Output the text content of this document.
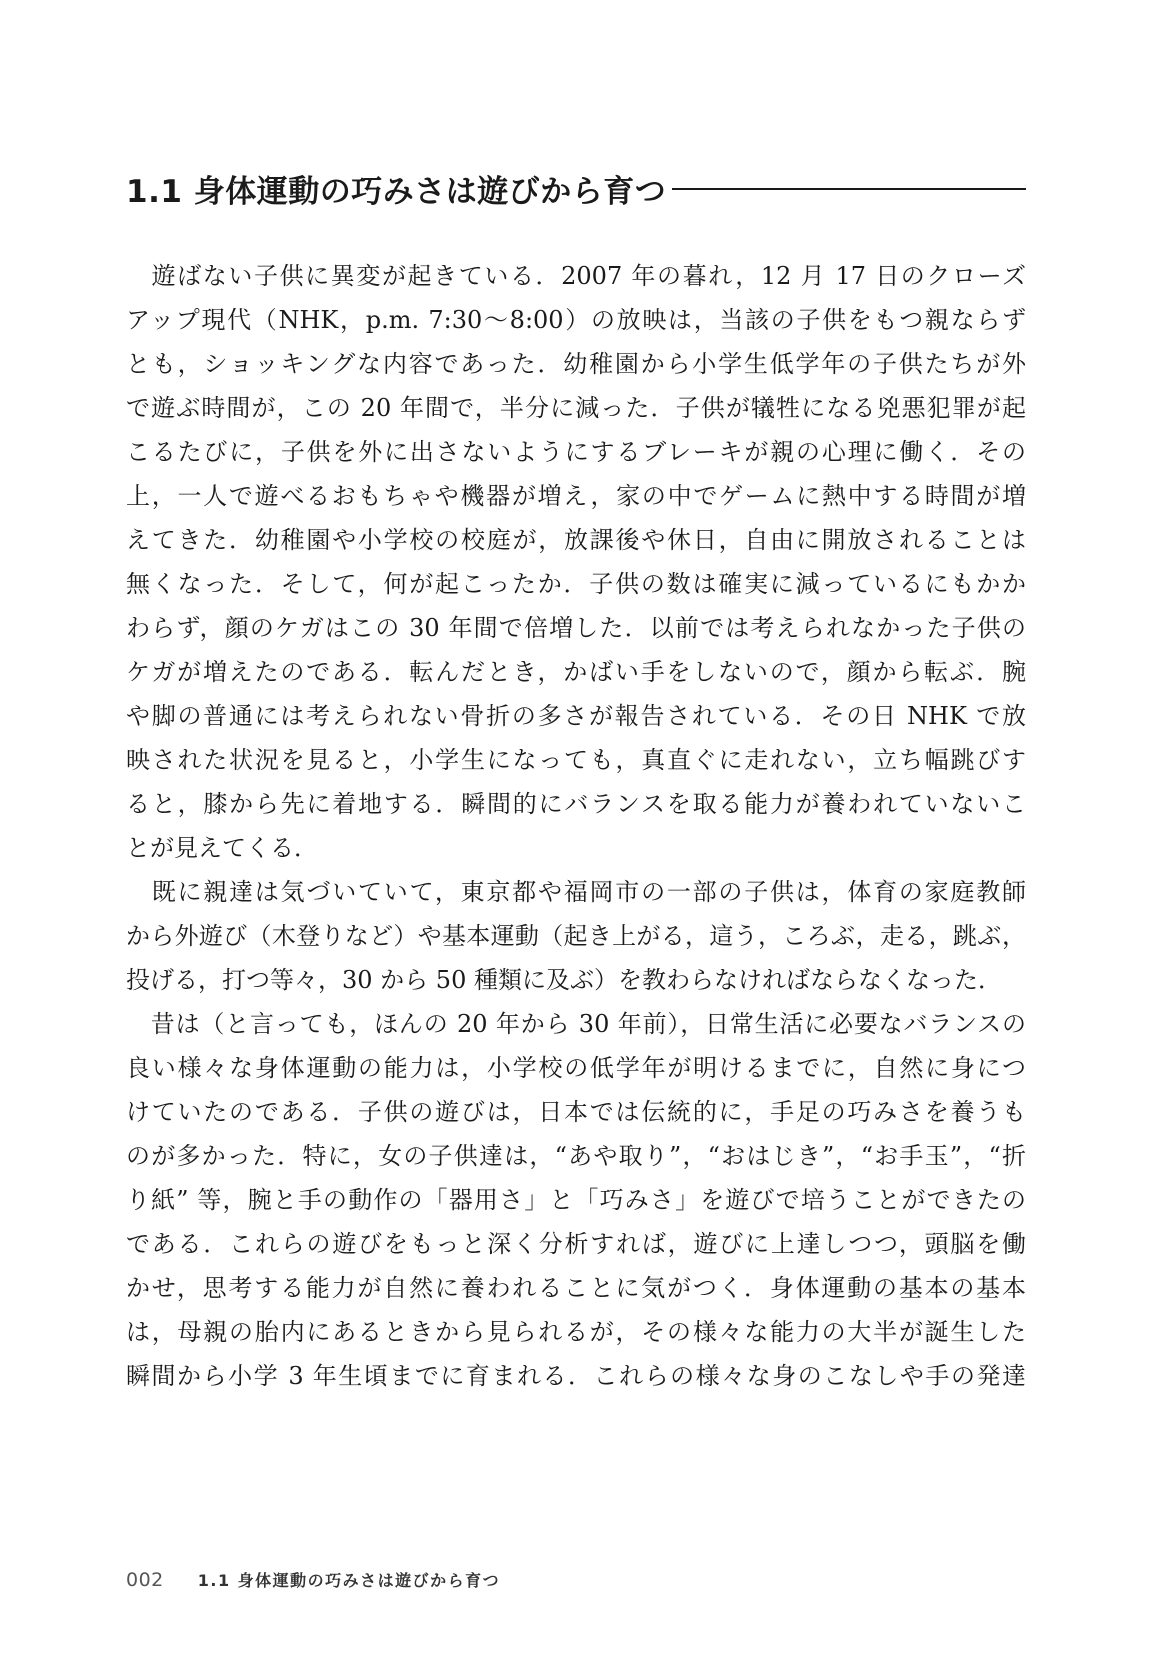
1.1 身体運動の巧みさは遊びから育つ
　遊ばない子供に異変が起きている．2007 年の暮れ，12 月 17 日のクローズ
アップ現代（NHK，p.m. 7:30～8:00）の放映は，当該の子供をもつ親ならず
とも，ショッキングな内容であった．幼稚園から小学生低学年の子供たちが外
で遊ぶ時間が，この 20 年間で，半分に減った．子供が犠牲になる兇悪犯罪が起
こるたびに，子供を外に出さないようにするブレーキが親の心理に働く．その
上，一人で遊べるおもちゃや機器が増え，家の中でゲームに熱中する時間が増
えてきた．幼稚園や小学校の校庭が，放課後や休日，自由に開放されることは
無くなった．そして，何が起こったか．子供の数は確実に減っているにもかか
わらず，顔のケガはこの 30 年間で倍増した．以前では考えられなかった子供の
ケガが増えたのである．転んだとき，かばい手をしないので，顔から転ぶ．腕
や脚の普通には考えられない骨折の多さが報告されている．その日 NHK で放
映された状況を見ると，小学生になっても，真直ぐに走れない，立ち幅跳びす
ると，膝から先に着地する．瞬間的にバランスを取る能力が養われていないこ
とが見えてくる．
　既に親達は気づいていて，東京都や福岡市の一部の子供は，体育の家庭教師
から外遊び（木登りなど）や基本運動（起き上がる，這う，ころぶ，走る，跳ぶ，
投げる，打つ等々，30 から 50 種類に及ぶ）を教わらなければならなくなった．
　昔は（と言っても，ほんの 20 年から 30 年前），日常生活に必要なバランスの
良い様々な身体運動の能力は，小学校の低学年が明けるまでに，自然に身につ
けていたのである．子供の遊びは，日本では伝統的に，手足の巧みさを養うも
のが多かった．特に，女の子供達は，“あや取り”，“おはじき”，“お手玉”，“折
り紙” 等，腕と手の動作の「器用さ」と「巧みさ」を遊びで培うことができたの
である．これらの遊びをもっと深く分析すれば，遊びに上達しつつ，頭脳を働
かせ，思考する能力が自然に養われることに気がつく．身体運動の基本の基本
は，母親の胎内にあるときから見られるが，その様々な能力の大半が誕生した
瞬間から小学 3 年生頃までに育まれる．これらの様々な身のこなしや手の発達
002 1.1 身体運動の巧みさは遊びから育つ
